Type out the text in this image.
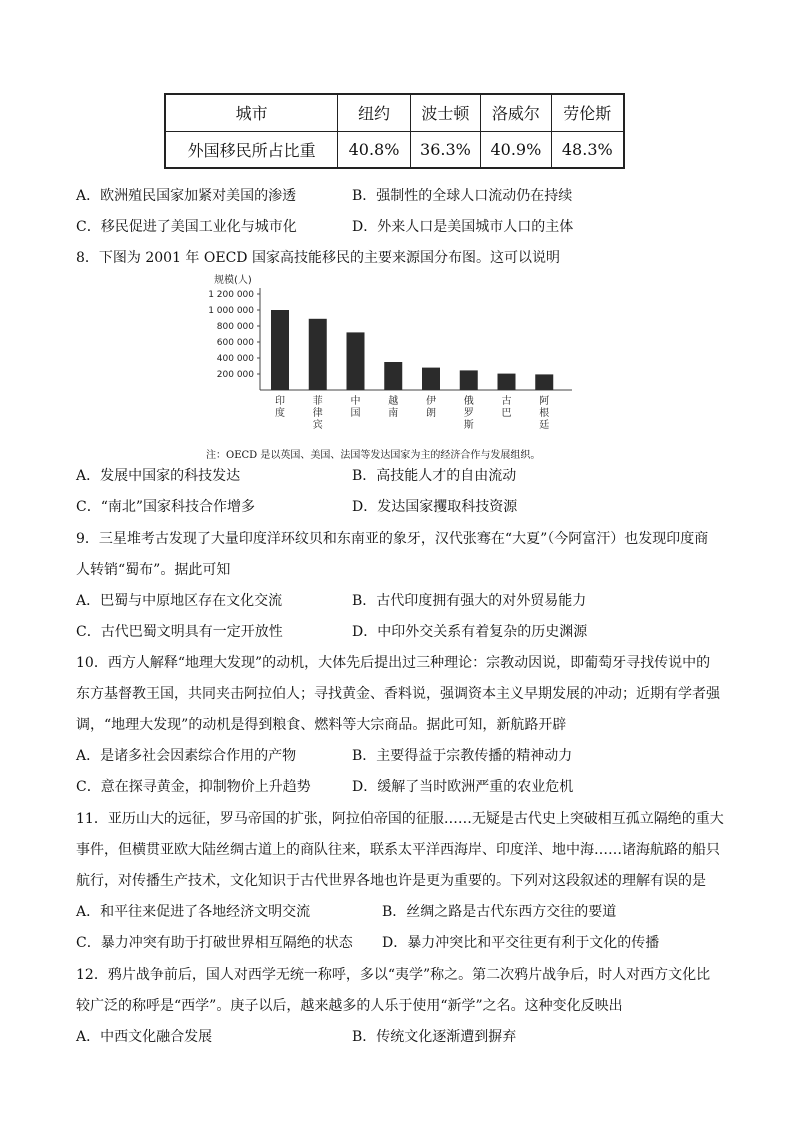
城市	纽约	波士顿	洛威尔	劳伦斯
外国移民所占比重	40.8%	36.3%	40.9%	48.3%
A．欧洲殖民国家加紧对美国的渗透	B．强制性的全球人口流动仍在持续
C．移民促进了美国工业化与城市化	D．外来人口是美国城市人口的主体
8．下图为 2001 年 OECD 国家高技能移民的主要来源国分布图。这可以说明
规模(人)
200 000
400 000
600 000
800 000
1 000 000
1 200 000
印度
菲律宾
中国
越南
伊朗
俄罗斯
古巴
阿根廷
注：OECD 是以英国、美国、法国等发达国家为主的经济合作与发展组织。
A．发展中国家的科技发达	B．高技能人才的自由流动
C．“南北”国家科技合作增多	D．发达国家攫取科技资源
9．三星堆考古发现了大量印度洋环纹贝和东南亚的象牙，汉代张骞在“大夏”（今阿富汗）也发现印度商
人转销“蜀布”。据此可知
A．巴蜀与中原地区存在文化交流	B．古代印度拥有强大的对外贸易能力
C．古代巴蜀文明具有一定开放性	D．中印外交关系有着复杂的历史渊源
10．西方人解释“地理大发现”的动机，大体先后提出过三种理论：宗教动因说，即葡萄牙寻找传说中的
东方基督教王国，共同夹击阿拉伯人；寻找黄金、香料说，强调资本主义早期发展的冲动；近期有学者强
调，“地理大发现”的动机是得到粮食、燃料等大宗商品。据此可知，新航路开辟
A．是诸多社会因素综合作用的产物	B．主要得益于宗教传播的精神动力
C．意在探寻黄金，抑制物价上升趋势	D．缓解了当时欧洲严重的农业危机
11．亚历山大的远征，罗马帝国的扩张，阿拉伯帝国的征服……无疑是古代史上突破相互孤立隔绝的重大
事件，但横贯亚欧大陆丝绸古道上的商队往来，联系太平洋西海岸、印度洋、地中海……诸海航路的船只
航行，对传播生产技术，文化知识于古代世界各地也许是更为重要的。下列对这段叙述的理解有误的是
A．和平往来促进了各地经济文明交流	B．丝绸之路是古代东西方交往的要道
C．暴力冲突有助于打破世界相互隔绝的状态 D．暴力冲突比和平交往更有利于文化的传播
12．鸦片战争前后，国人对西学无统一称呼，多以“夷学”称之。第二次鸦片战争后，时人对西方文化比
较广泛的称呼是“西学”。庚子以后，越来越多的人乐于使用“新学”之名。这种变化反映出
A．中西文化融合发展	B．传统文化逐渐遭到摒弃
